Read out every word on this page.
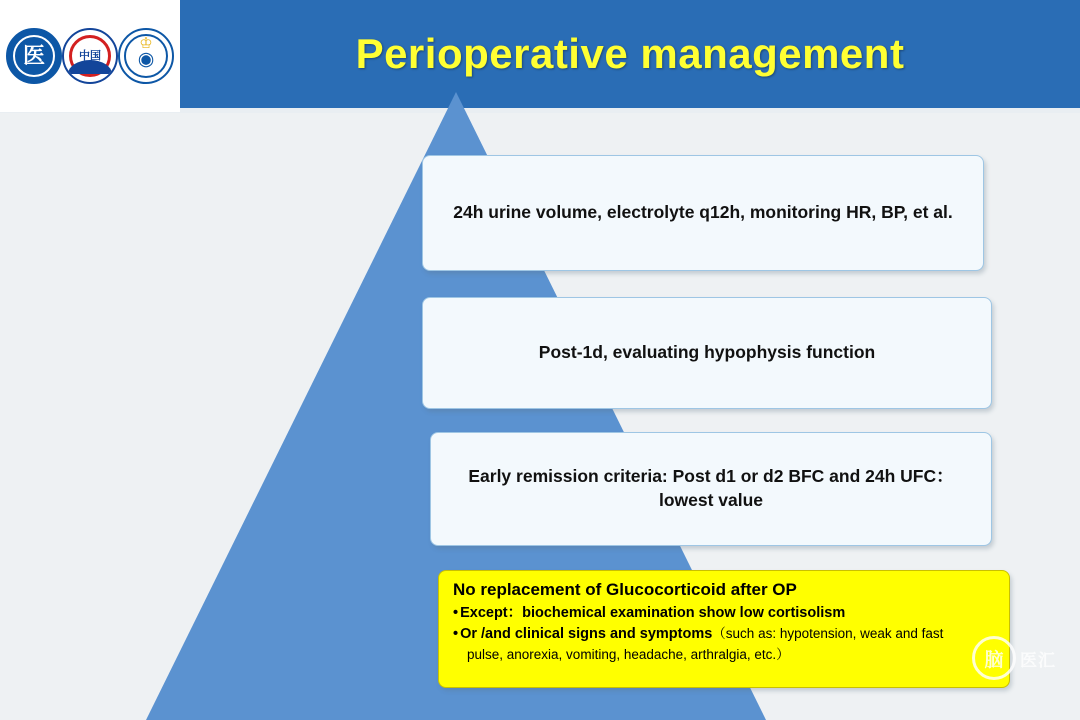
医	中国
♔
◉	Perioperative management
24h urine volume, electrolyte q12h, monitoring HR, BP, et al.
Post-1d, evaluating hypophysis function
Early remission criteria: Post d1 or d2 BFC and 24h UFC：lowest value
No replacement of Glucocorticoid after OP
• Except：biochemical examination show low cortisolism
• Or /and clinical signs and symptoms （such as: hypotension, weak and fast
pulse, anorexia, vomiting, headache, arthralgia, etc.）	脑 医汇
